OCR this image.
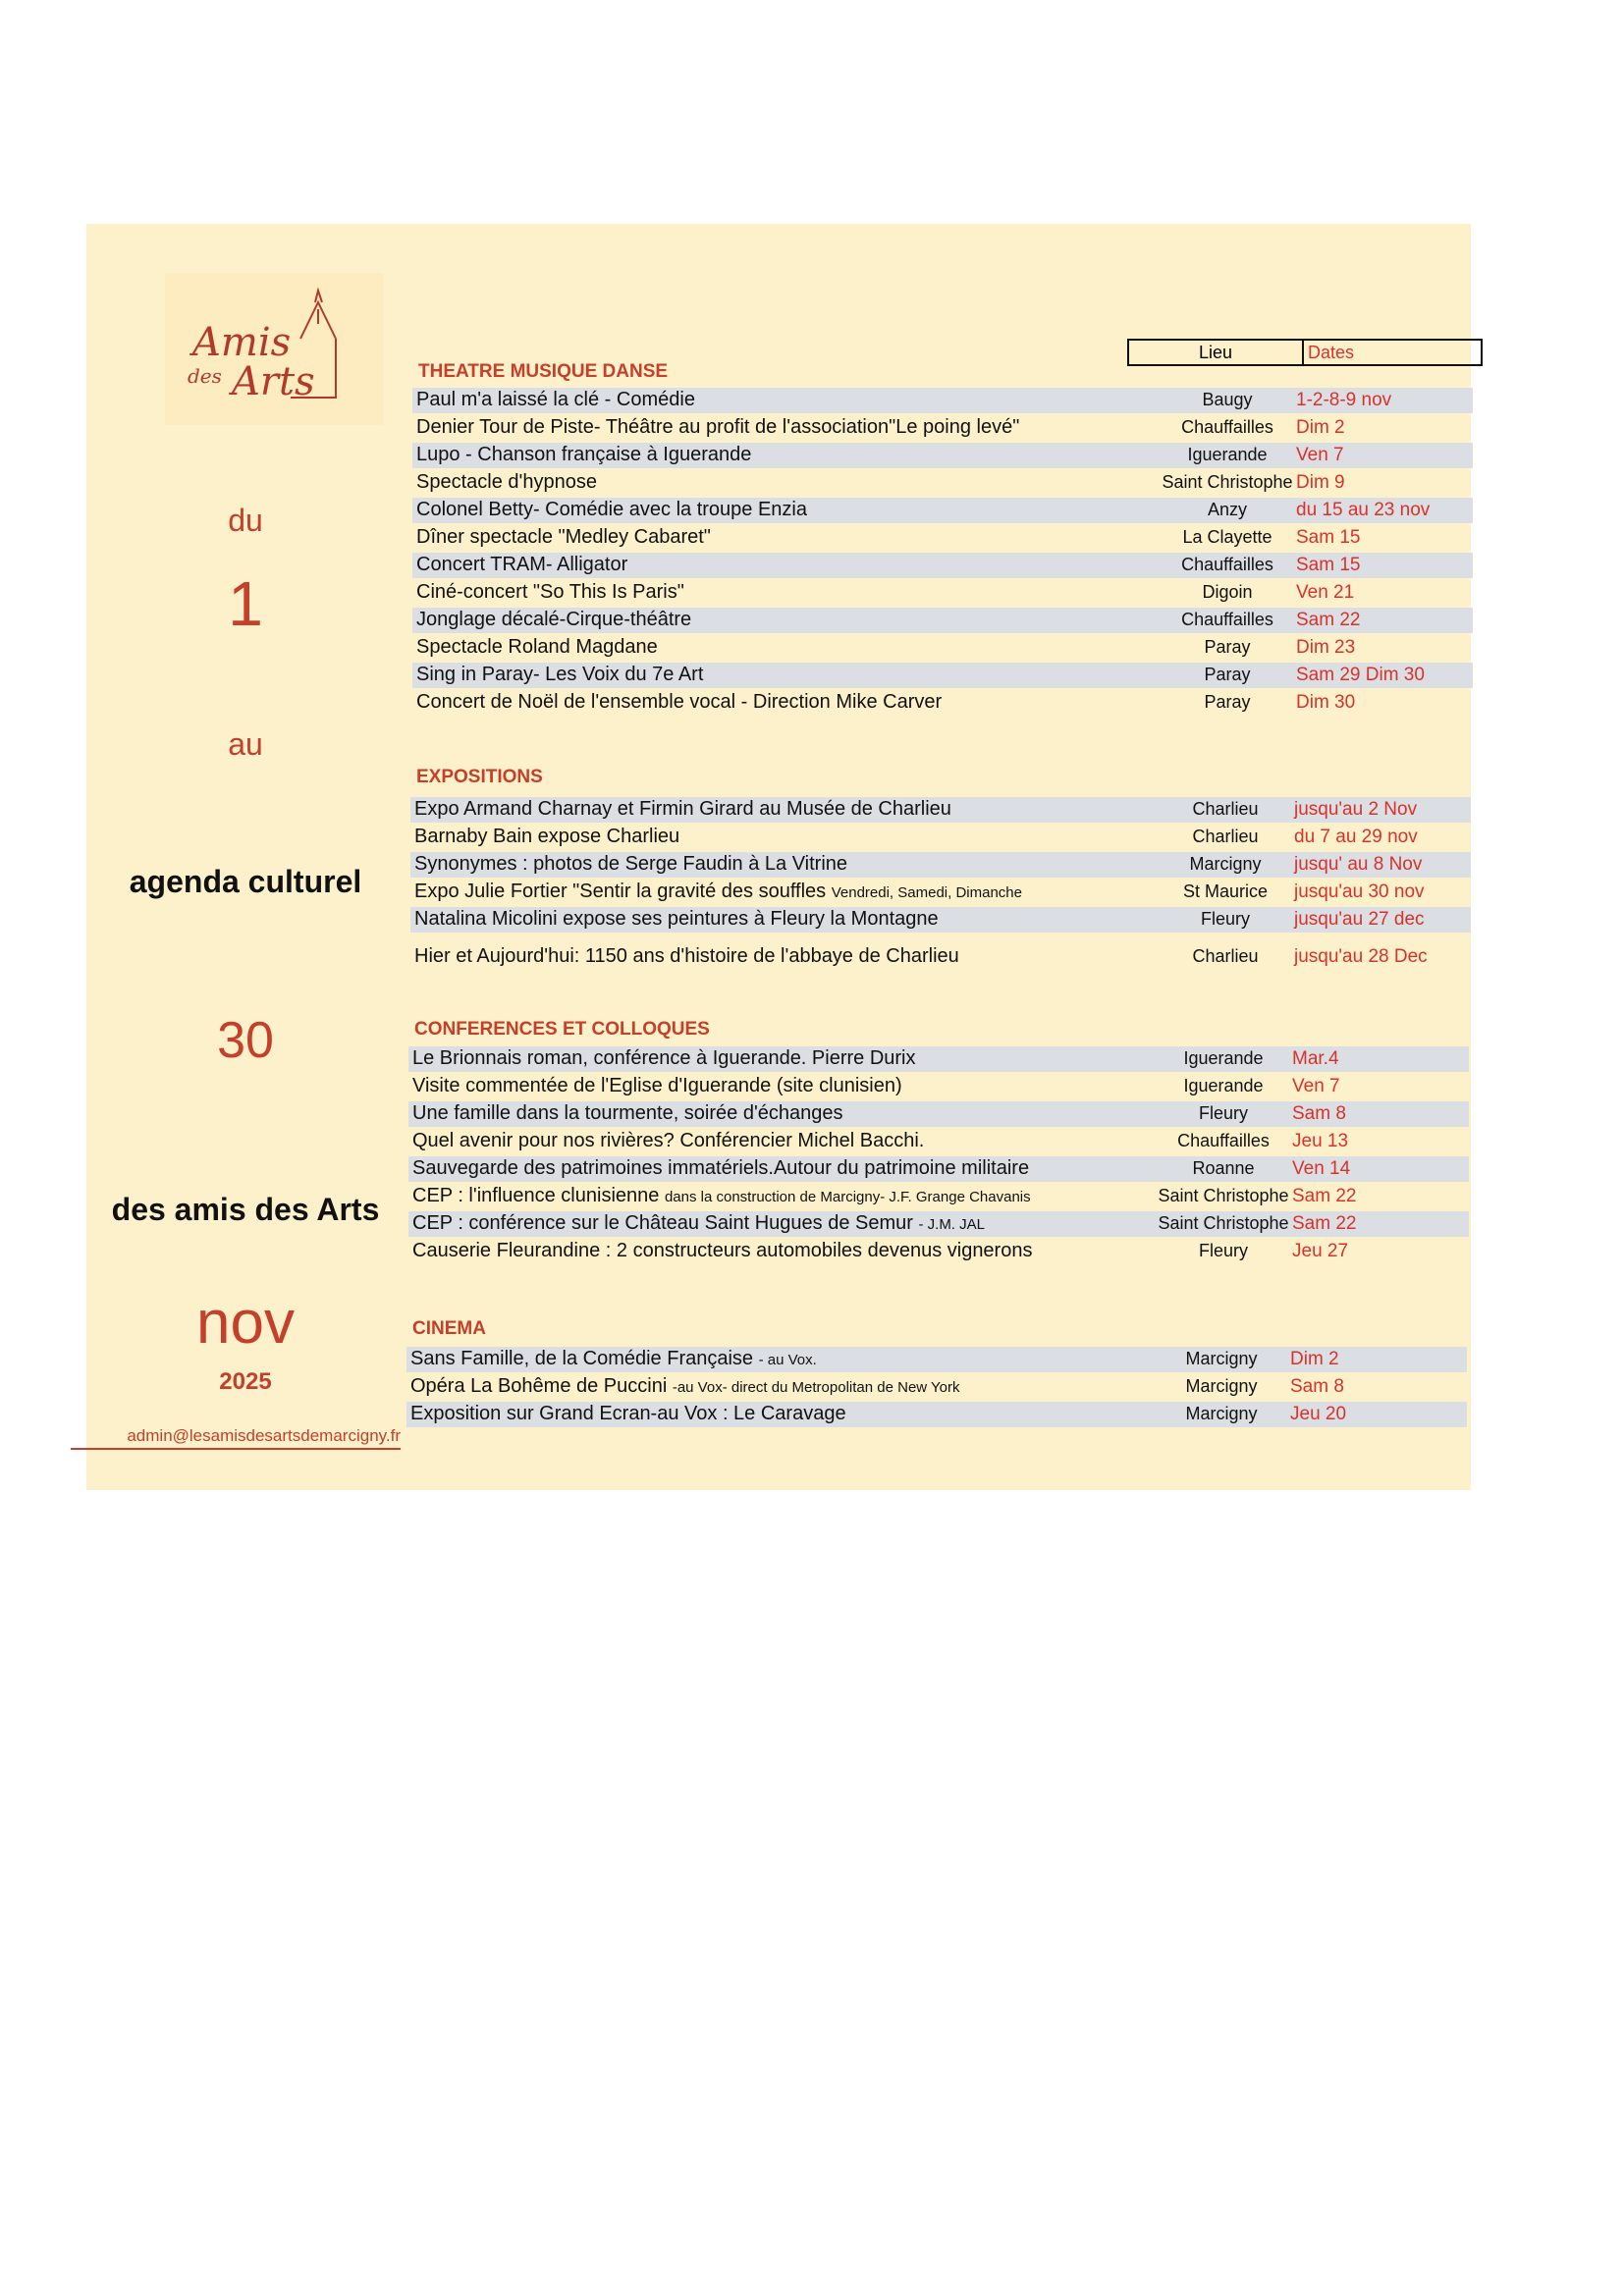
Amis
des Arts
du
1
au
agenda culturel
30
des amis des Arts
nov
2025
admin@lesamisdesartsdemarcigny.fr
Lieu	Dates
THEATRE MUSIQUE DANSE
Paul m'a laissé la clé - Comédie	Baugy	1-2-8-9 nov
Denier Tour de Piste- Théâtre au profit de l'association"Le poing levé"	Chauffailles	Dim 2
Lupo - Chanson française à Iguerande	Iguerande	Ven 7
Spectacle d'hypnose	Saint Christophe Dim 9
Colonel Betty- Comédie avec la troupe Enzia	Anzy	du 15 au 23 nov
Dîner spectacle "Medley Cabaret"	La Clayette	Sam 15
Concert TRAM- Alligator	Chauffailles	Sam 15
Ciné-concert "So This Is Paris"	Digoin	Ven 21
Jonglage décalé-Cirque-théâtre	Chauffailles	Sam 22
Spectacle Roland Magdane	Paray	Dim 23
Sing in Paray- Les Voix du 7e Art	Paray	Sam 29 Dim 30
Concert de Noël de l'ensemble vocal - Direction Mike Carver	Paray	Dim 30
EXPOSITIONS
Expo Armand Charnay et Firmin Girard au Musée de Charlieu	Charlieu	jusqu'au 2 Nov
Barnaby Bain expose Charlieu	Charlieu	du 7 au 29 nov
Synonymes : photos de Serge Faudin à La Vitrine	Marcigny	jusqu' au 8 Nov
Expo Julie Fortier "Sentir la gravité des souffles Vendredi, Samedi, Dimanche	St Maurice	jusqu'au 30 nov
Natalina Micolini expose ses peintures à Fleury la Montagne	Fleury	jusqu'au 27 dec
Hier et Aujourd'hui: 1150 ans d'histoire de l'abbaye de Charlieu	Charlieu	jusqu'au 28 Dec
CONFERENCES ET COLLOQUES
Le Brionnais roman, conférence à Iguerande. Pierre Durix	Iguerande	Mar.4
Visite commentée de l'Eglise d'Iguerande (site clunisien)	Iguerande	Ven 7
Une famille dans la tourmente, soirée d'échanges	Fleury	Sam 8
Quel avenir pour nos rivières? Conférencier Michel Bacchi.	Chauffailles	Jeu 13
Sauvegarde des patrimoines immatériels.Autour du patrimoine militaire	Roanne	Ven 14
CEP : l'influence clunisienne dans la construction de Marcigny- J.F. Grange Chavanis	Saint Christophe Sam 22
CEP : conférence sur le Château Saint Hugues de Semur - J.M. JAL	Saint Christophe Sam 22
Causerie Fleurandine : 2 constructeurs automobiles devenus vignerons	Fleury	Jeu 27
CINEMA
Sans Famille, de la Comédie Française - au Vox.	Marcigny	Dim 2
Opéra La Bohême de Puccini -au Vox- direct du Metropolitan de New York	Marcigny	Sam 8
Exposition sur Grand Ecran-au Vox : Le Caravage	Marcigny	Jeu 20
